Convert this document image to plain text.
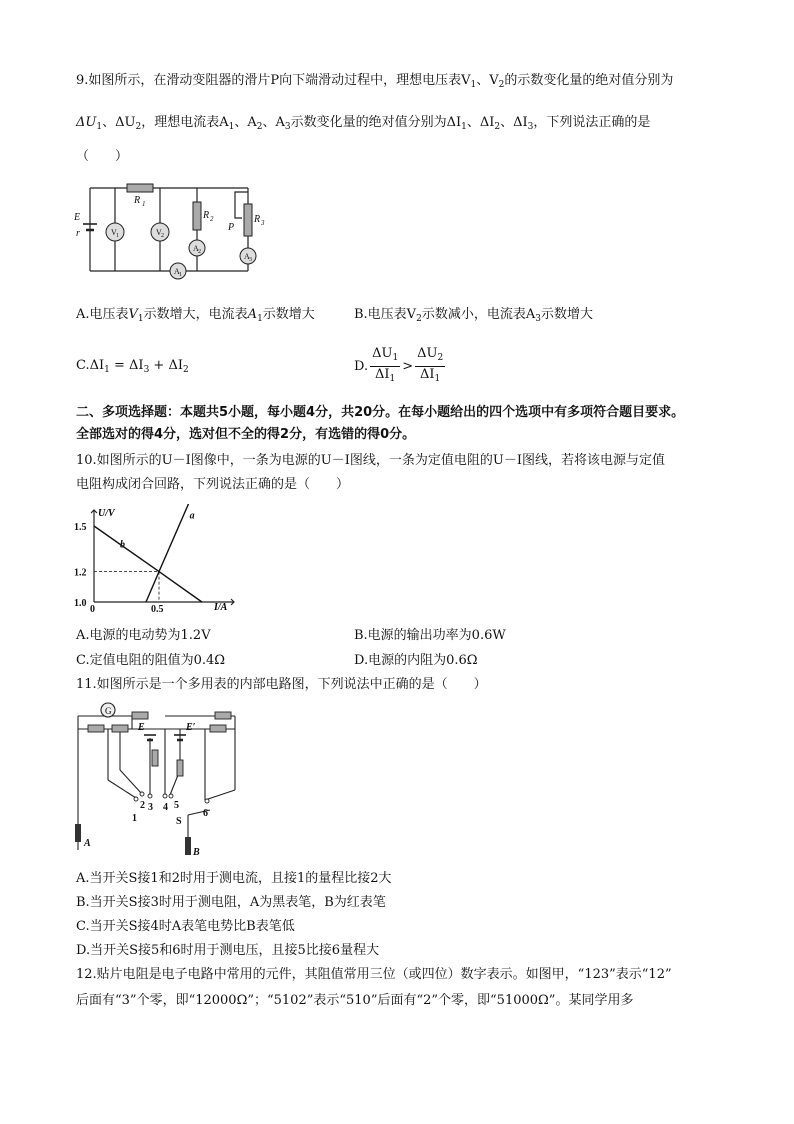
9.如图所示，在滑动变阻器的滑片P向下端滑动过程中，理想电压表$V_1$、$V_2$的示数变化量的绝对值分别为
$\Delta U_1$、$\Delta U_2$，理想电流表$A_1$、$A_2$、$A_3$示数变化量的绝对值分别为$\Delta I_1$、$\Delta I_2$、$\Delta I_3$，下列说法正确的是
（　　）
E
r
R 1
R 2	R 3
P
V 1	V 2
A 2	A 3
A 1
A.电压表$V_1$示数增大，电流表$A_1$示数增大	B.电压表$V_2$示数减小，电流表$A_3$示数增大
$C.\Delta I_1 = \Delta I_3 + \Delta I_2$	D. $\frac{\Delta U_1}{\Delta I_1} > \frac{\Delta U_2}{\Delta I_1}$
二、多项选择题：本题共5小题，每小题4分，共20分。在每小题给出的四个选项中有多项符合题目要求。
全部选对的得4分，选对但不全的得2分，有选错的得0分。
10.如图所示的U－I图像中，一条为电源的U－I图线，一条为定值电阻的U－I图线，若将该电源与定值
电阻构成闭合回路，下列说法正确的是（　　）
b
a
1.5
1.2
1.0
0	0.5
U/V
I/A
A.电源的电动势为1.2V	B.电源的输出功率为0.6W
C.定值电阻的阻值为0.4Ω	D.电源的内阻为0.6Ω
11.如图所示是一个多用表的内部电路图，下列说法中正确的是（　　）
G
1
2 3 4 5
6
S
A
B
E	E′
A.当开关S接1和2时用于测电流，且接1的量程比接2大
B.当开关S接3时用于测电阻，A为黑表笔，B为红表笔
C.当开关S接4时A表笔电势比B表笔低
D.当开关S接5和6时用于测电压，且接5比接6量程大
12.贴片电阻是电子电路中常用的元件，其阻值常用三位（或四位）数字表示。如图甲，“123”表示“12”
后面有“3”个零，即“12000Ω”；“5102”表示“510”后面有“2”个零，即“51000Ω”。某同学用多
